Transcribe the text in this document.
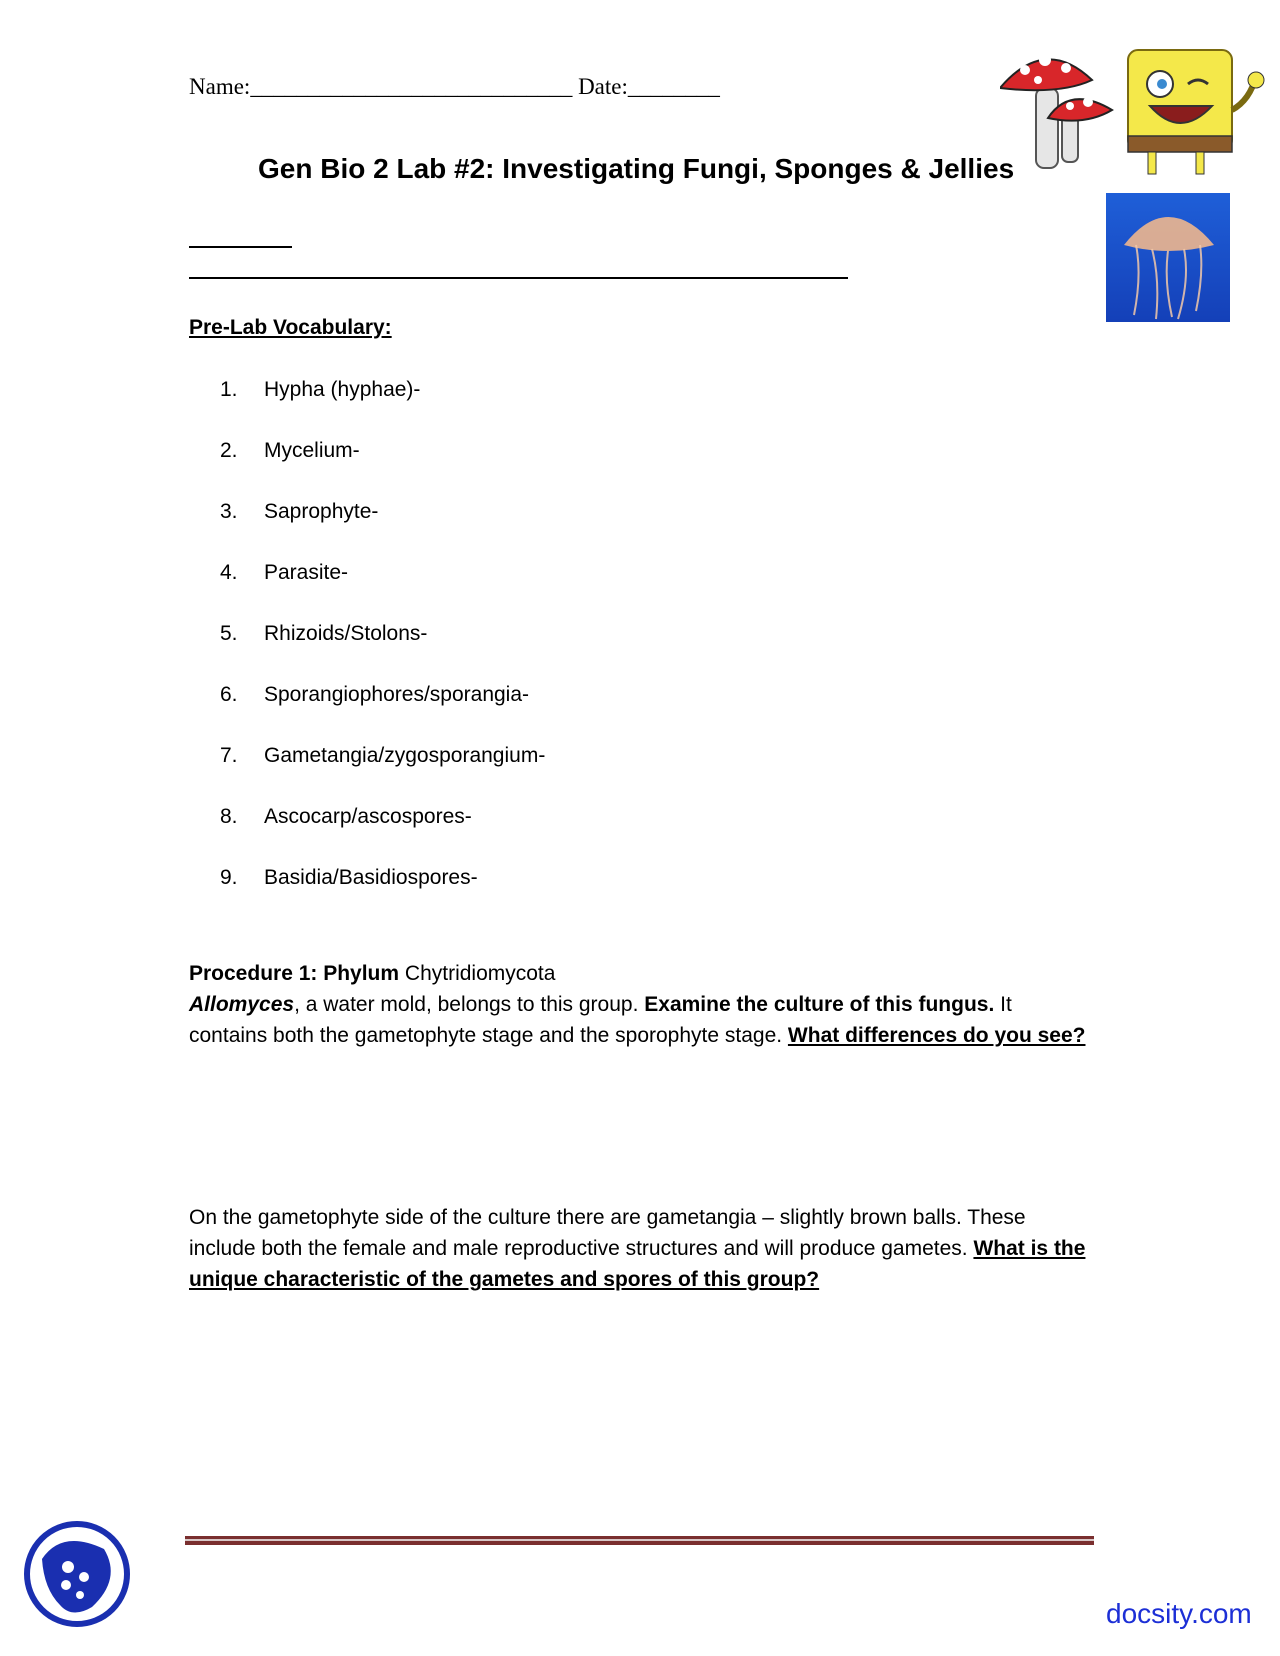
Name:____________________________ Date:________
Gen Bio 2 Lab #2: Investigating Fungi, Sponges & Jellies
Pre-Lab Vocabulary:
1.	Hypha (hyphae)-
2.	Mycelium-
3.	Saprophyte-
4.	Parasite-
5.	Rhizoids/Stolons-
6.	Sporangiophores/sporangia-
7.	Gametangia/zygosporangium-
8.	Ascocarp/ascospores-
9.	Basidia/Basidiospores-
Procedure 1: Phylum Chytridiomycota
Allomyces, a water mold, belongs to this group. Examine the culture of this fungus. It contains both the gametophyte stage and the sporophyte stage. What differences do you see?
On the gametophyte side of the culture there are gametangia – slightly brown balls. These include both the female and male reproductive structures and will produce gametes. What is the unique characteristic of the gametes and spores of this group?
docsity.com
